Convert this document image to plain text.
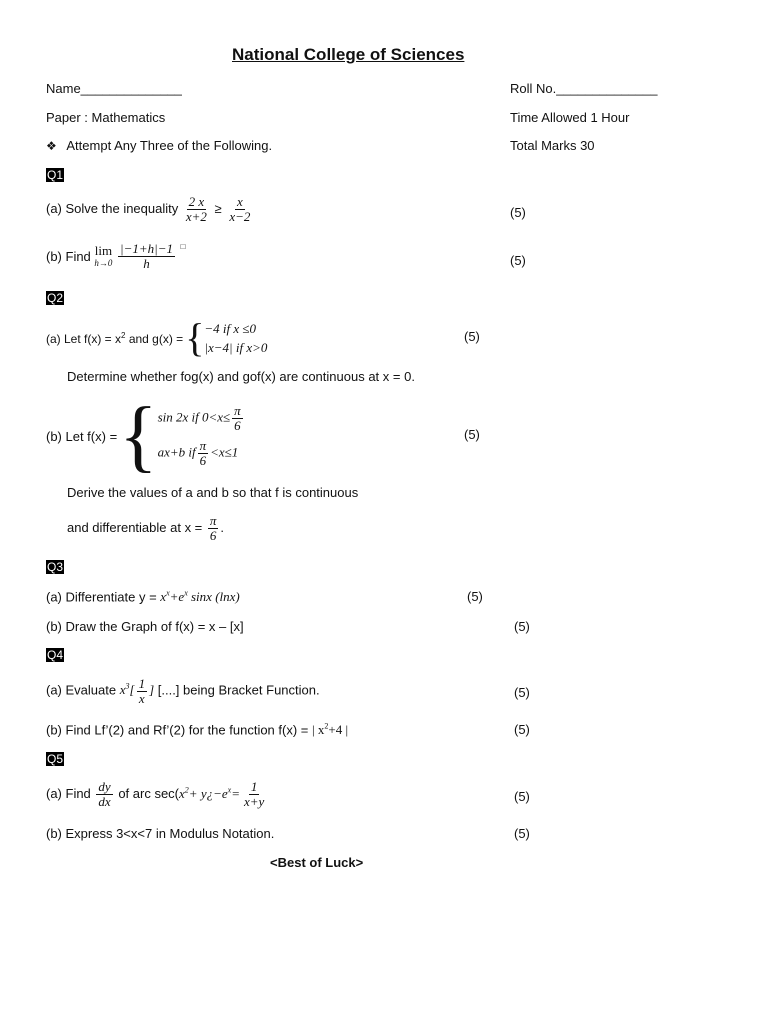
National College of Sciences
Name______________	Roll No.______________
Paper : Mathematics	Time Allowed 1 Hour
❖ Attempt Any Three of the Following.	Total Marks 30
Q1
(a) Solve the inequality $\frac{2 x}{x+2} \ge \frac{x}{x-2}$	(5)
(b) Find lim
h→0
$\frac{|-1+h|-1}{h} ^□$
(5)
Q2
(a) Let $f(x) = x^2$ and g(x) = { −4 if x ≤0
|x−4| if x>0
(5)
Determine whether fog(x) and gof(x) are continuous at x = 0.
(b) Let f(x) = { sin 2x if $0<x\le \frac{\pi}{6}$
ax+b if $\frac{\pi}{6} <x\le 1$
(5)
Derive the values of a and b so that f is continuous
and differentiable at $x = \frac{\pi}{6}$ .
Q3
(a) Differentiate $y = x^x+e^x$ sinx (lnx)	(5)
(b) Draw the Graph of f(x) = x – [x]	(5)
Q4
(a) Evaluate $x^3[ \frac{1}{x}$ ] [....] being Bracket Function.	(5)
(b) Find Lf’(2) and Rf’(2) for the function f(x) = | $x^2+4$ |	(5)
Q5
(a) Find $\frac{dy}{dx}$ of arc $\sec(x^2+$ $y¿-e^x= \frac{1}{x+y}$	(5)
(b) Express 3<x<7 in Modulus Notation.	(5)
<Best of Luck>
